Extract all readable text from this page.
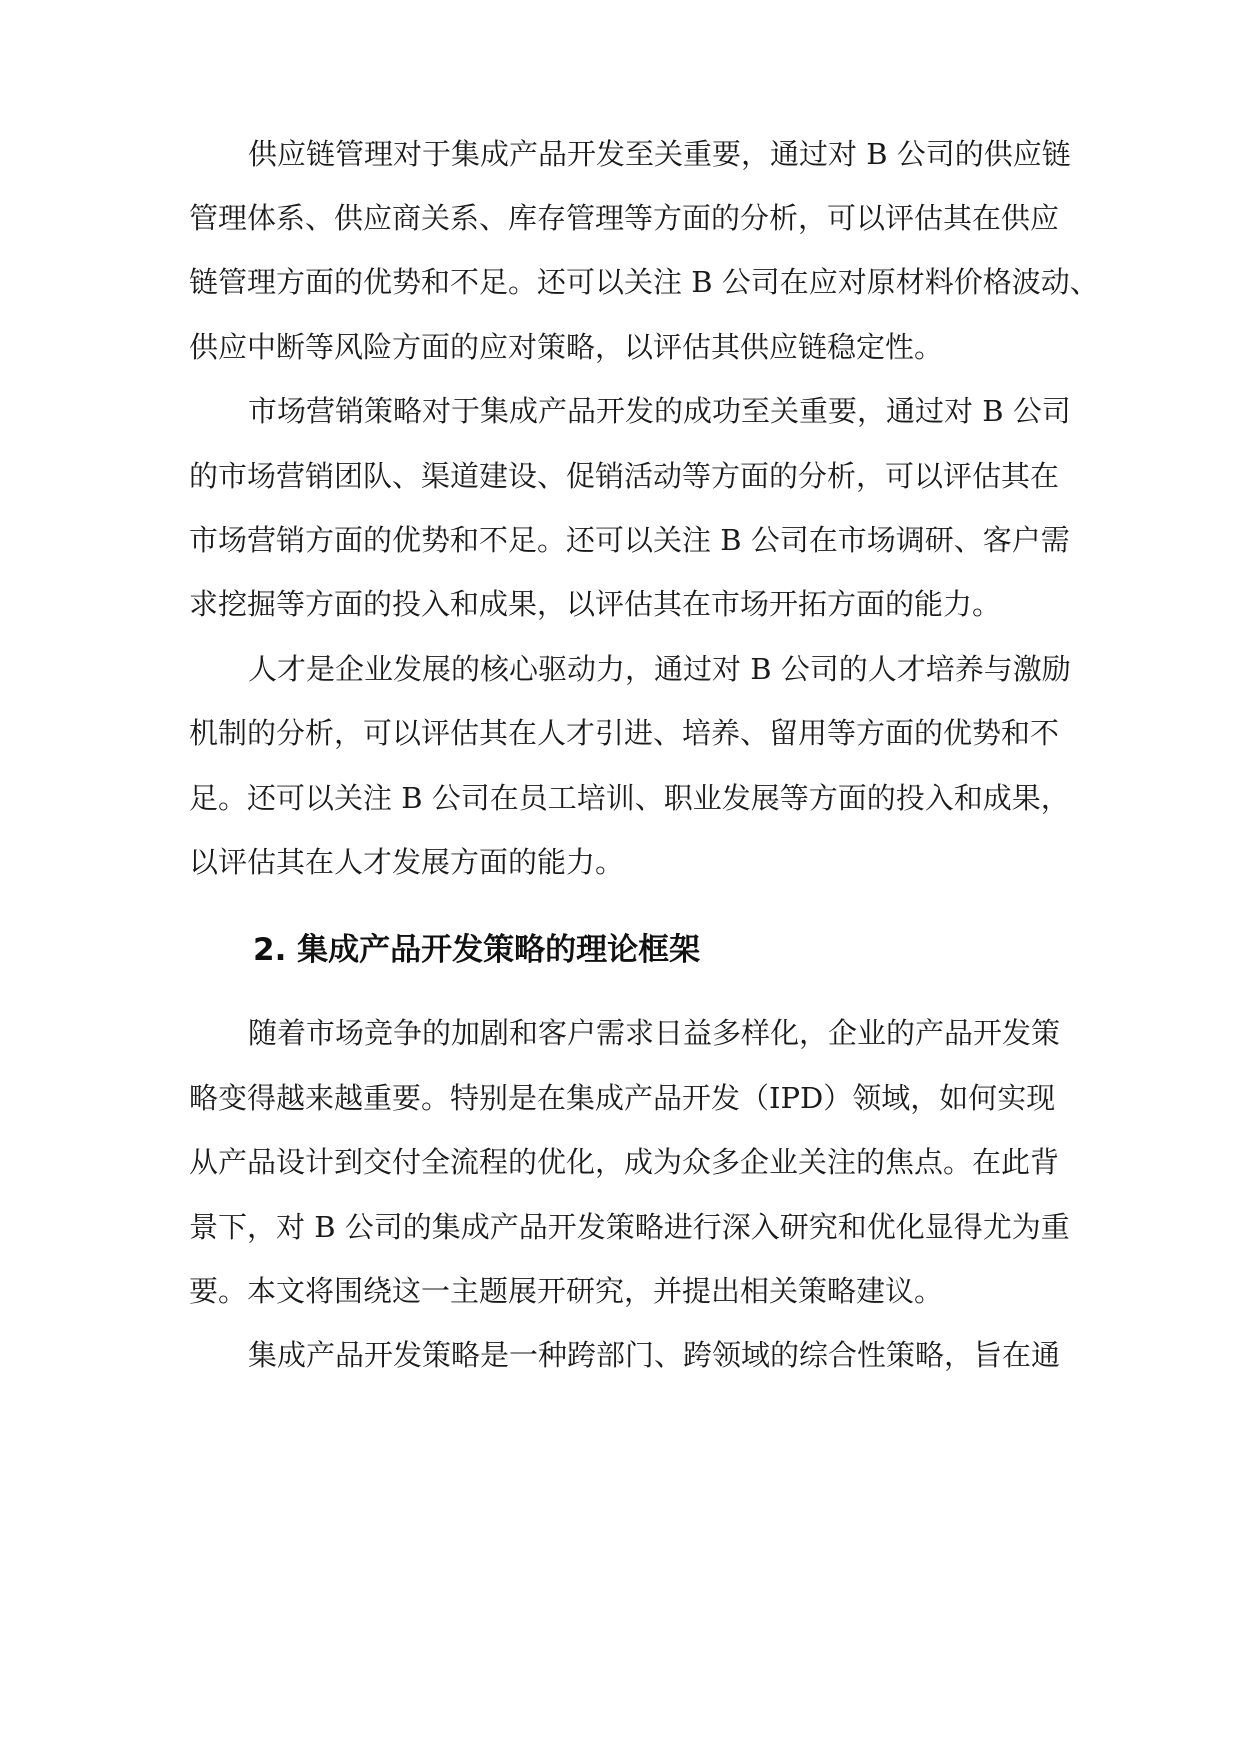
供应链管理对于集成产品开发至关重要，通过对 B 公司的供应链
管理体系、供应商关系、库存管理等方面的分析，可以评估其在供应
链管理方面的优势和不足。还可以关注 B 公司在应对原材料价格波动、
供应中断等风险方面的应对策略，以评估其供应链稳定性。
市场营销策略对于集成产品开发的成功至关重要，通过对 B 公司
的市场营销团队、渠道建设、促销活动等方面的分析，可以评估其在
市场营销方面的优势和不足。还可以关注 B 公司在市场调研、客户需
求挖掘等方面的投入和成果，以评估其在市场开拓方面的能力。
人才是企业发展的核心驱动力，通过对 B 公司的人才培养与激励
机制的分析，可以评估其在人才引进、培养、留用等方面的优势和不
足。还可以关注 B 公司在员工培训、职业发展等方面的投入和成果，
以评估其在人才发展方面的能力。
2. 集成产品开发策略的理论框架
随着市场竞争的加剧和客户需求日益多样化，企业的产品开发策
略变得越来越重要。特别是在集成产品开发（IPD）领域，如何实现
从产品设计到交付全流程的优化，成为众多企业关注的焦点。在此背
景下，对 B 公司的集成产品开发策略进行深入研究和优化显得尤为重
要。本文将围绕这一主题展开研究，并提出相关策略建议。
集成产品开发策略是一种跨部门、跨领域的综合性策略，旨在通
